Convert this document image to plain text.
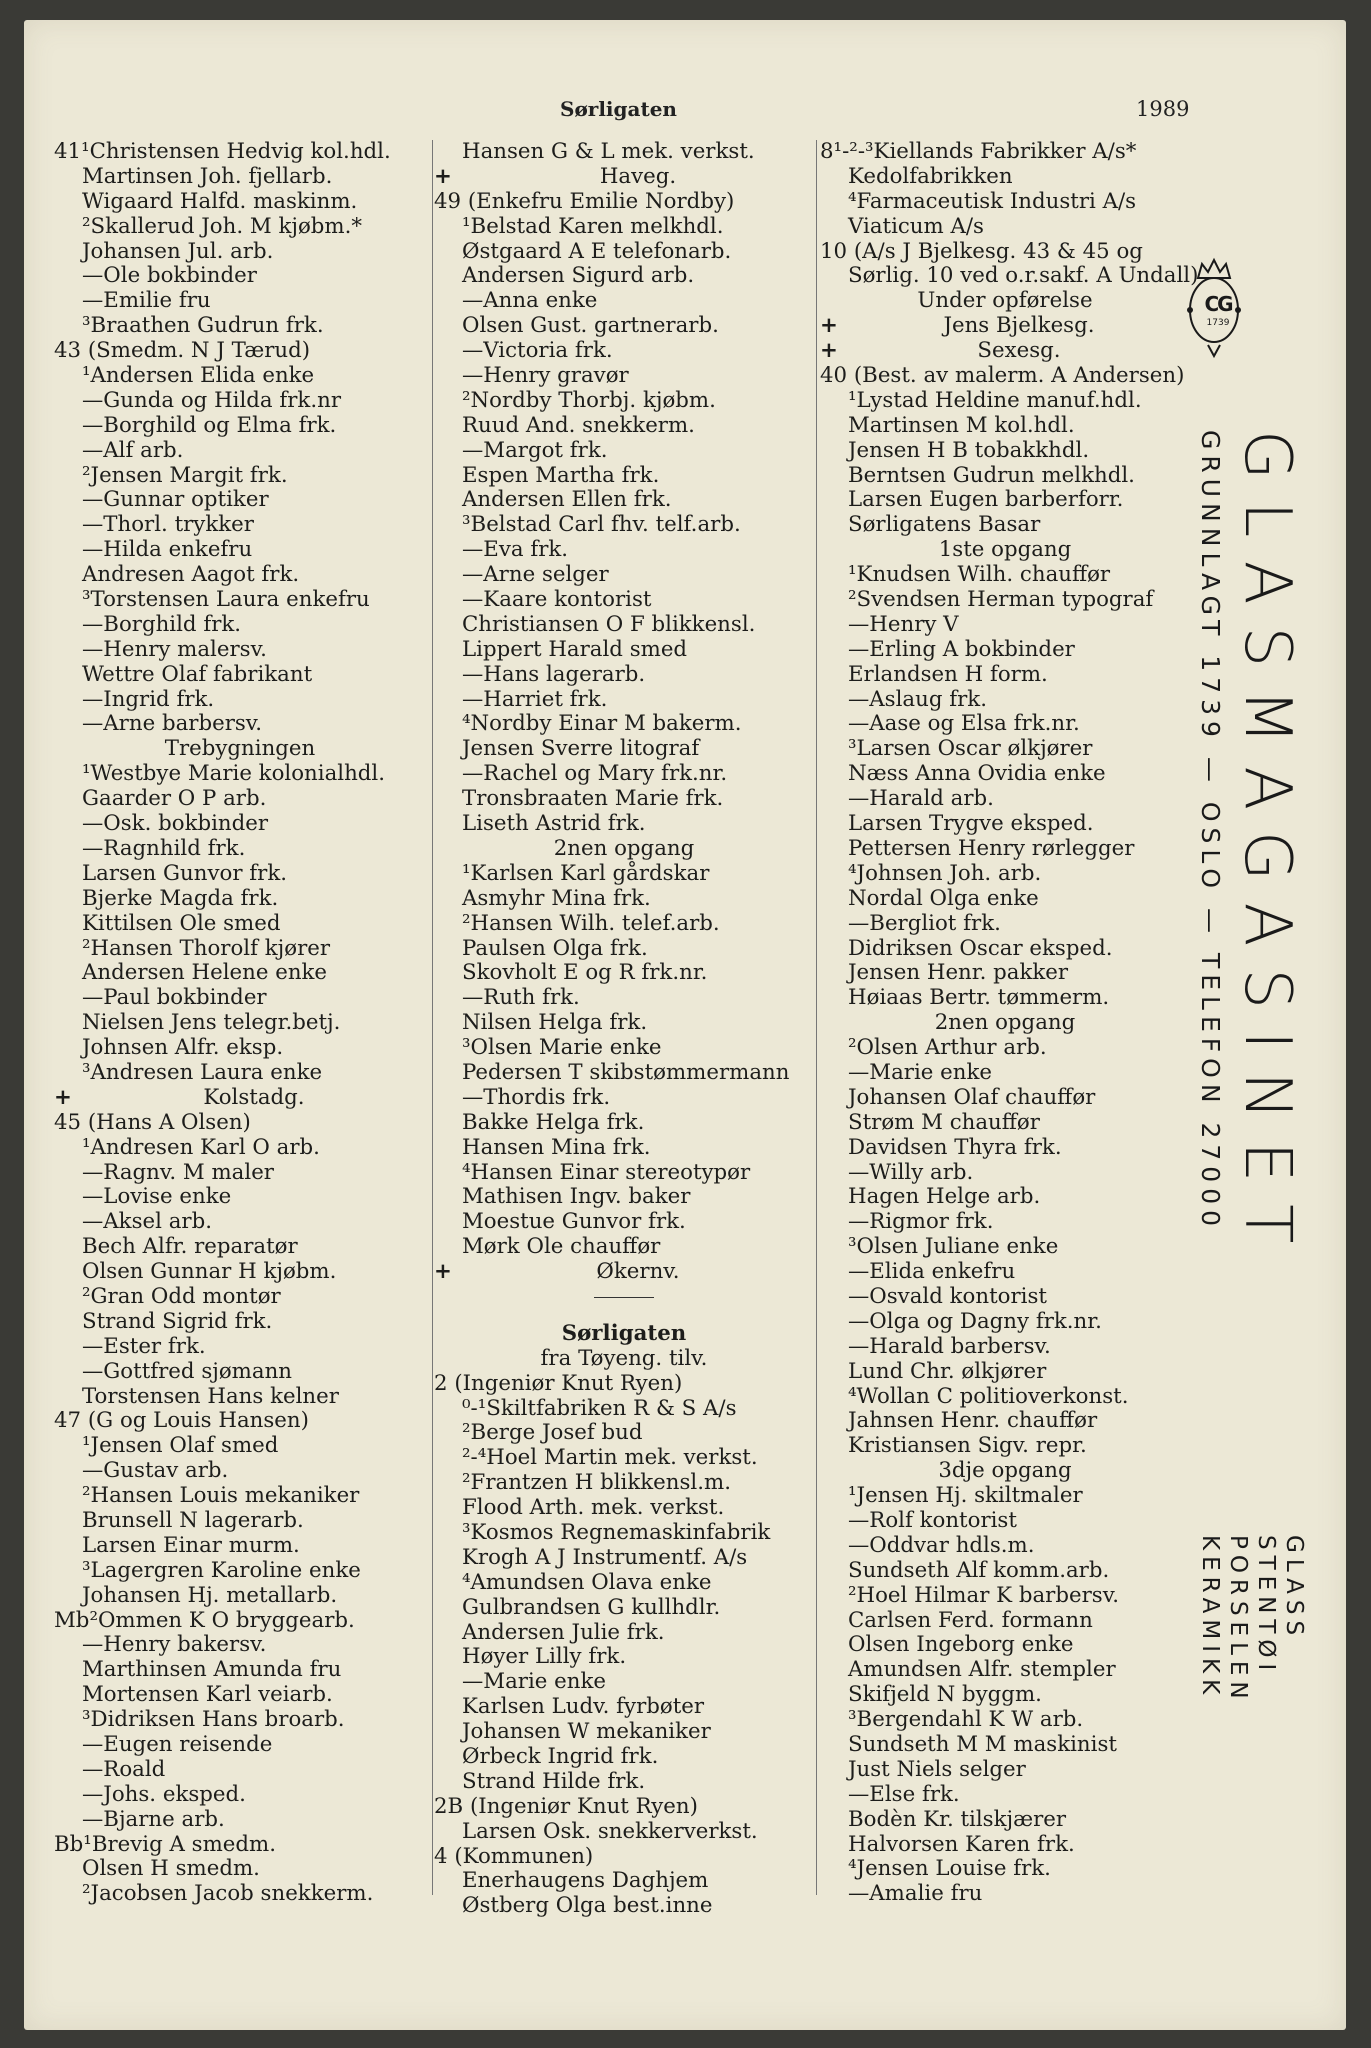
Sørligaten	1989
41¹Christensen Hedvig kol.hdl.
Martinsen Joh. fjellarb.
Wigaard Halfd. maskinm.
²Skallerud Joh. M kjøbm.*
Johansen Jul. arb.
—Ole bokbinder
—Emilie fru
³Braathen Gudrun frk.
43 (Smedm. N J Tærud)
¹Andersen Elida enke
—Gunda og Hilda frk.nr
—Borghild og Elma frk.
—Alf arb.
²Jensen Margit frk.
—Gunnar optiker
—Thorl. trykker
—Hilda enkefru
Andresen Aagot frk.
³Torstensen Laura enkefru
—Borghild frk.
—Henry malersv.
Wettre Olaf fabrikant
—Ingrid frk.
—Arne barbersv.
Trebygningen
¹Westbye Marie kolonialhdl.
Gaarder O P arb.
—Osk. bokbinder
—Ragnhild frk.
Larsen Gunvor frk.
Bjerke Magda frk.
Kittilsen Ole smed
²Hansen Thorolf kjører
Andersen Helene enke
—Paul bokbinder
Nielsen Jens telegr.betj.
Johnsen Alfr. eksp.
³Andresen Laura enke
+	Kolstadg.
45 (Hans A Olsen)
¹Andresen Karl O arb.
—Ragnv. M maler
—Lovise enke
—Aksel arb.
Bech Alfr. reparatør
Olsen Gunnar H kjøbm.
²Gran Odd montør
Strand Sigrid frk.
—Ester frk.
—Gottfred sjømann
Torstensen Hans kelner
47 (G og Louis Hansen)
¹Jensen Olaf smed
—Gustav arb.
²Hansen Louis mekaniker
Brunsell N lagerarb.
Larsen Einar murm.
³Lagergren Karoline enke
Johansen Hj. metallarb.
Mb²Ommen K O bryggearb.
—Henry bakersv.
Marthinsen Amunda fru
Mortensen Karl veiarb.
³Didriksen Hans broarb.
—Eugen reisende
—Roald
—Johs. eksped.
—Bjarne arb.
Bb¹Brevig A smedm.
Olsen H smedm.
²Jacobsen Jacob snekkerm.
Hansen G & L mek. verkst.
+	Haveg.
49 (Enkefru Emilie Nordby)
¹Belstad Karen melkhdl.
Østgaard A E telefonarb.
Andersen Sigurd arb.
—Anna enke
Olsen Gust. gartnerarb.
—Victoria frk.
—Henry gravør
²Nordby Thorbj. kjøbm.
Ruud And. snekkerm.
—Margot frk.
Espen Martha frk.
Andersen Ellen frk.
³Belstad Carl fhv. telf.arb.
—Eva frk.
—Arne selger
—Kaare kontorist
Christiansen O F blikkensl.
Lippert Harald smed
—Hans lagerarb.
—Harriet frk.
⁴Nordby Einar M bakerm.
Jensen Sverre litograf
—Rachel og Mary frk.nr.
Tronsbraaten Marie frk.
Liseth Astrid frk.
2nen opgang
¹Karlsen Karl gårdskar
Asmyhr Mina frk.
²Hansen Wilh. telef.arb.
Paulsen Olga frk.
Skovholt E og R frk.nr.
—Ruth frk.
Nilsen Helga frk.
³Olsen Marie enke
Pedersen T skibstømmermann
—Thordis frk.
Bakke Helga frk.
Hansen Mina frk.
⁴Hansen Einar stereotypør
Mathisen Ingv. baker
Moestue Gunvor frk.
Mørk Ole chauffør
+	Økernv.
Sørligaten
fra Tøyeng. tilv.
2 (Ingeniør Knut Ryen)
⁰‐¹Skiltfabriken R & S A/s
²Berge Josef bud
²‐⁴Hoel Martin mek. verkst.
²Frantzen H blikkensl.m.
Flood Arth. mek. verkst.
³Kosmos Regnemaskinfabrik
Krogh A J Instrumentf. A/s
⁴Amundsen Olava enke
Gulbrandsen G kullhdlr.
Andersen Julie frk.
Høyer Lilly frk.
—Marie enke
Karlsen Ludv. fyrbøter
Johansen W mekaniker
Ørbeck Ingrid frk.
Strand Hilde frk.
2B (Ingeniør Knut Ryen)
Larsen Osk. snekkerverkst.
4 (Kommunen)
Enerhaugens Daghjem
Østberg Olga best.inne
8¹‐²‐³Kiellands Fabrikker A/s*
Kedolfabrikken
⁴Farmaceutisk Industri A/s
Viaticum A/s
10 (A/s J Bjelkesg. 43 & 45 og
Sørlig. 10 ved o.r.sakf. A Undall)
Under opførelse
+	Jens Bjelkesg.
+	Sexesg.
40 (Best. av malerm. A Andersen)
¹Lystad Heldine manuf.hdl.
Martinsen M kol.hdl.
Jensen H B tobakkhdl.
Berntsen Gudrun melkhdl.
Larsen Eugen barberforr.
Sørligatens Basar
1ste opgang
¹Knudsen Wilh. chauffør
²Svendsen Herman typograf
—Henry V
—Erling A bokbinder
Erlandsen H form.
—Aslaug frk.
—Aase og Elsa frk.nr.
³Larsen Oscar ølkjører
Næss Anna Ovidia enke
—Harald arb.
Larsen Trygve eksped.
Pettersen Henry rørlegger
⁴Johnsen Joh. arb.
Nordal Olga enke
—Bergliot frk.
Didriksen Oscar eksped.
Jensen Henr. pakker
Høiaas Bertr. tømmerm.
2nen opgang
²Olsen Arthur arb.
—Marie enke
Johansen Olaf chauffør
Strøm M chauffør
Davidsen Thyra frk.
—Willy arb.
Hagen Helge arb.
—Rigmor frk.
³Olsen Juliane enke
—Elida enkefru
—Osvald kontorist
—Olga og Dagny frk.nr.
—Harald barbersv.
Lund Chr. ølkjører
⁴Wollan C politioverkonst.
Jahnsen Henr. chauffør
Kristiansen Sigv. repr.
3dje opgang
¹Jensen Hj. skiltmaler
—Rolf kontorist
—Oddvar hdls.m.
Sundseth Alf komm.arb.
²Hoel Hilmar K barbersv.
Carlsen Ferd. formann
Olsen Ingeborg enke
Amundsen Alfr. stempler
Skifjeld N byggm.
³Bergendahl K W arb.
Sundseth M M maskinist
Just Niels selger
—Else frk.
Bodèn Kr. tilskjærer
Halvorsen Karen frk.
⁴Jensen Louise frk.
—Amalie fru
CG
1739
GLASMAGASINET
GRUNNLAGT 1739 — OSLO — TELEFON 27000
GLASS
STENTØI
PORSELEN
KERAMIKK
